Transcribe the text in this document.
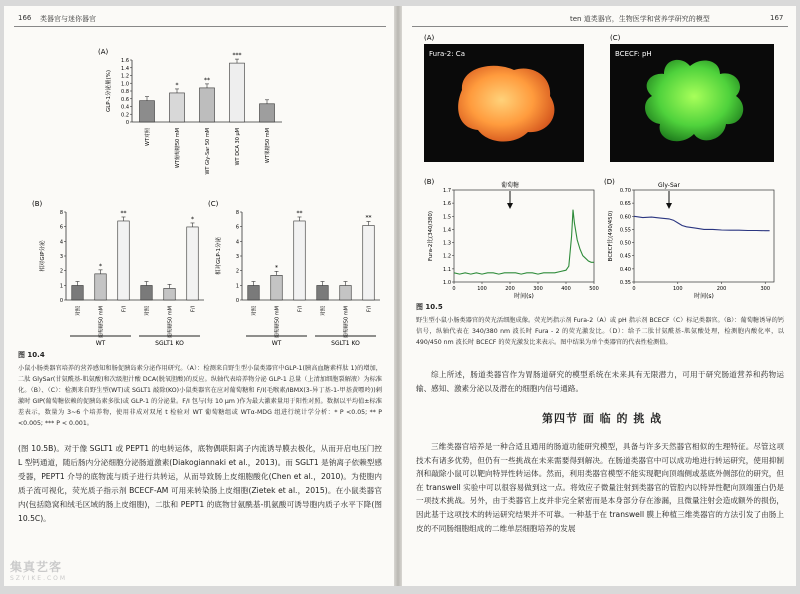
166 类器官与迷你器官
(A)
0
0.2
0.4
0.6
0.8
1.0
1.2
1.4
1.6
GLP-1分泌量(%)
WT对照
*
WT葡萄糖50 mM
**
WT Gly-Sar 50 mM
***
WT DCA 30 μM	WT果糖50 mM
(B)
0
1
2
3
4
6
8
相对GIP分泌
对照
*
葡萄糖50 mM
**
F/I	对照	葡萄糖50 mM
*
F/I
WT	SGLT1 KO
(C)
0
1
2
3
4
6
8
相对GLP-1分泌
对照
*
葡萄糖50 mM
**
F/I	对照	葡萄糖50 mM
**
F/I
WT	SGLT1 KO
图 10.4
小鼠小肠类器官培养的营养感知和肠促胰岛素分泌作用研究。（A）：检测来自野生型小鼠类器官中GLP-1(胰高血糖素样肽 1)的增加，二肽 GlySar(甘氨酰基-肌氨酸)和次级胆汁酸 DCA(脱氧胆酸)的反应。纵轴代表培养物分泌 GLP-1 总量（上清加细胞裂解液）为标准化。（B）、（C）：检测来自野生型(WT)或 SGLT1 敲除(KO)小鼠类器官在应对葡萄糖和 F/I(毛喉素/IBMX(3-异丁基-1-甲基黄嘌呤))刺激时 GIP(葡萄糖依赖的促胰岛素多肽)或 GLP-1 的分泌量。F/I 包与(每 10 μm )作为最大激素量用于阳性对照。数据以平均值±标准差表示，数量为 3~6 个培养物，使用非成对双尾 t 检验对 WT 葡萄糖组或 WTα-MDG 组进行统计学分析：* P <0.05; ** P <0.005; *** P < 0.001。
(图 10.5B)。对于像 SGLT1 或 PEPT1 的电转运体，底物偶联阳离子内流诱导膜去极化，从而开启电压门控 L 型钙通道，随后肠内分泌细胞分泌肠道激素(Diakogiannaki et al.，2013)。而 SGLT1 是钠离子依赖型感受器，PEPT1 介导的底物流与质子进行共转运，从而导致肠上皮细胞酸化(Chen et al.，2010)。为使胞内质子流可视化，荧光质子指示剂 BCECF-AM 可用来转染肠上皮细胞(Zietek et al.，2015)。在小鼠类器官内(包括隐窝和绒毛区域的肠上皮细胞)，二肽和 PEPT1 的底物甘氨酰基-肌氨酸可诱导胞内质子水平下降(图 10.5C)。
集真艺客
SZYIKE.COM
ten 道类器官，生物医学和营养学研究的模型	167
(A)
Fura-2: Ca
(C)
BCECF: pH
(B)
1.0
1.1
1.2
1.3
1.4
1.5
1.6
1.7
0	100	200	300	400	500
时间(s)
Fura-2比(340/380)
葡萄糖	(D)
0.35
0.40
0.45
0.50
0.55
0.60
0.65
0.70
0	100	200	300
时间(s)
BCECF比(490/450)
Gly-Sar
图 10.5
野生型小鼠小肠类器官的荧光活细胞成像。荧光钙指示剂 Fura-2（A）或 pH 指示剂 BCECF（C）标记类器官。（B）：葡萄糖诱导的钙信号，纵轴代表在 340/380 nm 波长时 Fura - 2 的荧光激发比。（D）：给予二肽甘氨酰基-肌氨酸处理，检测胞内酸化率，以 490/450 nm 波长时 BCECF 的荧光激发比来表示。图中结果为单个类器官的代表性检测值。
综上所述，肠道类器官作为胃肠道研究的模型系统在未来具有无限潜力，可用于研究肠道营养和药物运输、感知、激素分泌以及潜在的细胞内信号通路。
第四节 面 临 的 挑 战
三维类器官培养是一种合适且通用的肠道功能研究模型，具备与许多天然器官相似的生理特征。尽管这项技术有诸多优势，但仍有一些挑战在未来需要得到解决。在肠道类器官中可以成功地进行转运研究，使用抑制剂和敲除小鼠可以靶向特异性转运体。然而，利用类器官模型不能实现靶向顶端侧或基底外侧部位的研究，但在 transwell 实验中可以很容易做到这一点。将效应子微量注射到类器官的管腔内以特异性靶向顶端蛋白仍是一项技术挑战。另外，由于类器官上皮并非完全紧密而是本身部分存在渗漏，且微量注射会造成额外的损伤，因此基于这项技术的转运研究结果并不可靠。一种基于在 transwell 膜上种植三维类器官的方法引发了由肠上皮的不同肠细胞组成的二维单层细胞培养的发展
